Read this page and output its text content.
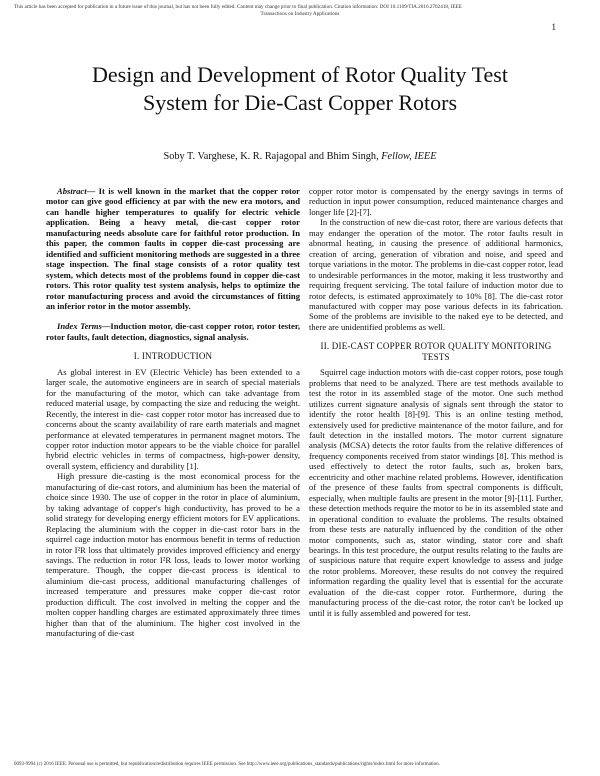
This article has been accepted for publication in a future issue of this journal, but has not been fully edited. Content may change prior to final publication. Citation information: DOI 10.1109/TIA.2016.2702418, IEEE
Transactions on Industry Applications
1
Design and Development of Rotor Quality Test
System for Die-Cast Copper Rotors
Soby T. Varghese, K. R. Rajagopal and Bhim Singh, Fellow, IEEE

Abstract— It is well known in the market that the copper rotor motor can give good efficiency at par with the new era motors, and can handle higher temperatures to qualify for electric vehicle application. Being a heavy metal, die-cast copper rotor manufacturing needs absolute care for faithful rotor production. In this paper, the common faults in copper die-cast processing are identified and sufficient monitoring methods are suggested in a three stage inspection. The final stage consists of a rotor quality test system, which detects most of the problems found in copper die-cast rotors. This rotor quality test system analysis, helps to optimize the rotor manufacturing process and avoid the circumstances of fitting an inferior rotor in the motor assembly.

Index Terms—Induction motor, die-cast copper rotor, rotor tester, rotor faults, fault detection, diagnostics, signal analysis.

I. INTRODUCTION

As global interest in EV (Electric Vehicle) has been extended to a larger scale, the automotive engineers are in search of special materials for the manufacturing of the motor, which can take advantage from reduced material usage, by compacting the size and reducing the weight. Recently, the interest in die- cast copper rotor motor has increased due to concerns about the scanty availability of rare earth materials and magnet performance at elevated temperatures in permanent magnet motors. The copper rotor induction motor appears to be the viable choice for parallel hybrid electric vehicles in terms of compactness, high-power density, overall system, efficiency and durability [1].

High pressure die-casting is the most economical process for the manufacturing of die-cast rotors, and aluminium has been the material of choice since 1930. The use of copper in the rotor in place of aluminium, by taking advantage of copper's high conductivity, has proved to be a solid strategy for developing energy efficient motors for EV applications. Replacing the aluminium with the copper in die-cast rotor bars in the squirrel cage induction motor has enormous benefit in terms of reduction in rotor I²R loss that ultimately provides improved efficiency and energy savings. The reduction in rotor I²R loss, leads to lower motor working temperature. Though, the copper die-cast process is identical to aluminium die-cast process, additional manufacturing challenges of increased temperature and pressures make copper die-cast rotor production difficult. The cost involved in melting the copper and the molten copper handling charges are estimated approximately three times higher than that of the aluminium. The higher cost involved in the manufacturing of die-cast

copper rotor motor is compensated by the energy savings in terms of reduction in input power consumption, reduced maintenance charges and longer life [2]-[7].

In the construction of new die-cast rotor, there are various defects that may endanger the operation of the motor. The rotor faults result in abnormal heating, in causing the presence of additional harmonics, creation of arcing, generation of vibration and noise, and speed and torque variations in the motor. The problems in die-cast copper rotor, lead to undesirable performances in the motor, making it less trustworthy and requiring frequent servicing. The total failure of induction motor due to rotor defects, is estimated approximately to 10% [8]. The die-cast rotor manufactured with copper may pose various defects in its fabrication. Some of the problems are invisible to the naked eye to be detected, and there are unidentified problems as well.

II. DIE-CAST COPPER ROTOR QUALITY MONITORING TESTS

Squirrel cage induction motors with die-cast copper rotors, pose tough problems that need to be analyzed. There are test methods available to test the rotor in its assembled stage of the motor. One such method utilizes current signature analysis of signals sent through the stator to identify the rotor health [8]-[9]. This is an online testing method, extensively used for predictive maintenance of the motor failure, and for fault detection in the installed motors. The motor current signature analysis (MCSA) detects the rotor faults from the relative differences of frequency components received from stator windings [8]. This method is used effectively to detect the rotor faults, such as, broken bars, eccentricity and other machine related problems. However, identification of the presence of these faults from spectral components is difficult, especially, when multiple faults are present in the motor [9]-[11]. Further, these detection methods require the motor to be in its assembled state and in operational condition to evaluate the problems. The results obtained from these tests are naturally influenced by the condition of the other motor components, such as, stator winding, stator core and shaft bearings. In this test procedure, the output results relating to the faults are of suspicious nature that require expert knowledge to assess and judge the rotor problems. Moreover, these results do not convey the required information regarding the quality level that is essential for the accurate evaluation of the die-cast copper rotor. Furthermore, during the manufacturing process of the die-cast rotor, the rotor can't be locked up until it is fully assembled and powered for test.

0093-9994 (c) 2016 IEEE. Personal use is permitted, but republication/redistribution requires IEEE permission. See http://www.ieee.org/publications_standards/publications/rights/index.html for more information.
